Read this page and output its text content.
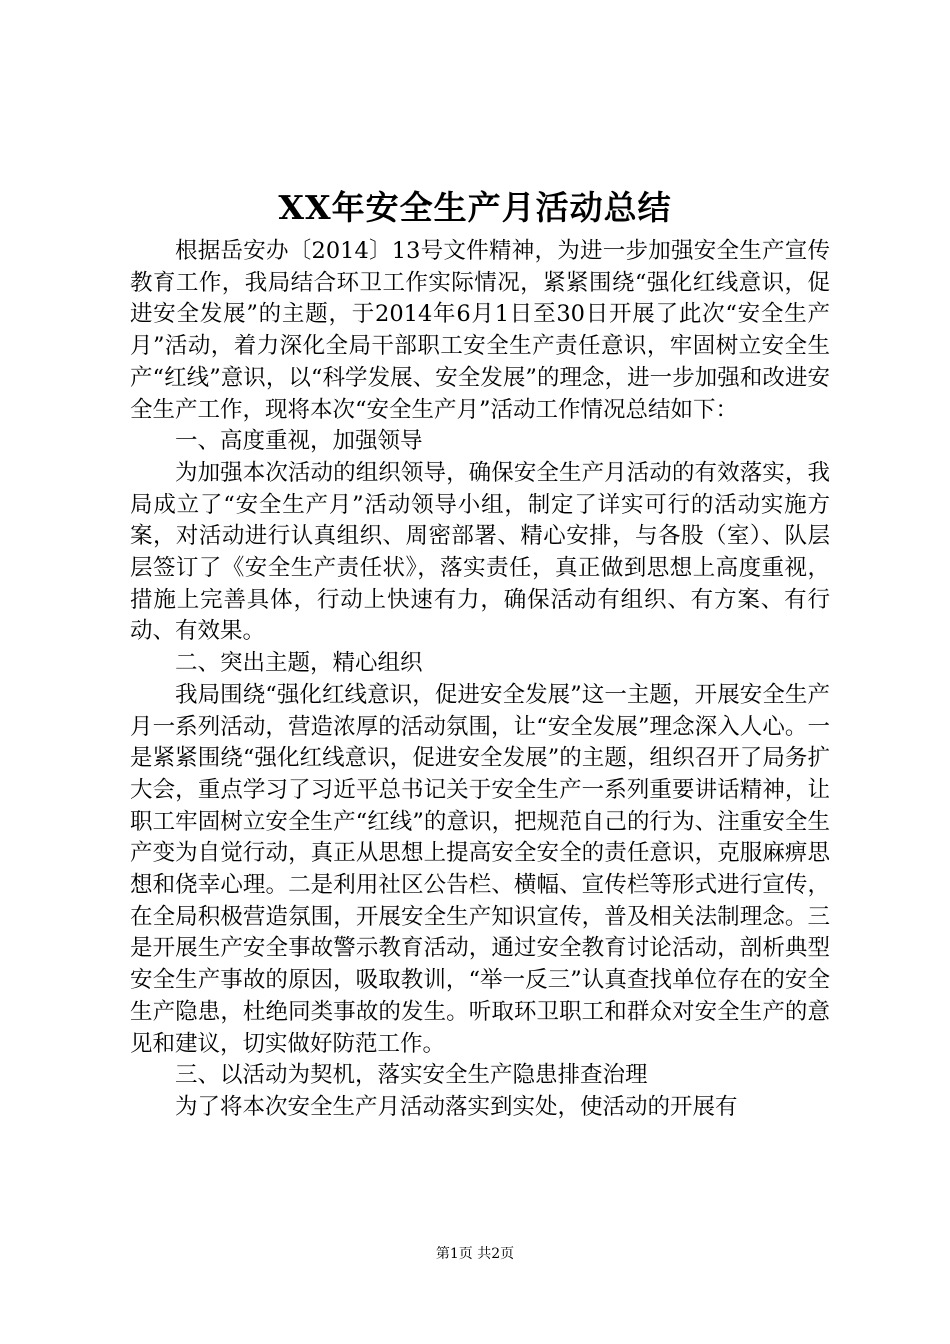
XX年安全生产月活动总结

根据岳安办〔2014〕13号文件精神，为进一步加强安全生产宣传教育工作，我局结合环卫工作实际情况，紧紧围绕“强化红线意识，促进安全发展”的主题，于2014年6月1日至30日开展了此次“安全生产月”活动，着力深化全局干部职工安全生产责任意识，牢固树立安全生产“红线”意识，以“科学发展、安全发展”的理念，进一步加强和改进安全生产工作，现将本次“安全生产月”活动工作情况总结如下：

一、高度重视，加强领导

为加强本次活动的组织领导，确保安全生产月活动的有效落实，我局成立了“安全生产月”活动领导小组，制定了详实可行的活动实施方案，对活动进行认真组织、周密部署、精心安排，与各股（室）、队层层签订了《安全生产责任状》，落实责任，真正做到思想上高度重视，措施上完善具体，行动上快速有力，确保活动有组织、有方案、有行动、有效果。

二、突出主题，精心组织

我局围绕“强化红线意识，促进安全发展”这一主题，开展安全生产月一系列活动，营造浓厚的活动氛围，让“安全发展”理念深入人心。一是紧紧围绕“强化红线意识，促进安全发展”的主题，组织召开了局务扩大会，重点学习了习近平总书记关于安全生产一系列重要讲话精神，让职工牢固树立安全生产“红线”的意识，把规范自己的行为、注重安全生产变为自觉行动，真正从思想上提高安全安全的责任意识，克服麻痹思想和侥幸心理。二是利用社区公告栏、横幅、宣传栏等形式进行宣传，在全局积极营造氛围，开展安全生产知识宣传，普及相关法制理念。三是开展生产安全事故警示教育活动，通过安全教育讨论活动，剖析典型安全生产事故的原因，吸取教训，“举一反三”认真查找单位存在的安全生产隐患，杜绝同类事故的发生。听取环卫职工和群众对安全生产的意见和建议，切实做好防范工作。

三、以活动为契机，落实安全生产隐患排查治理

为了将本次安全生产月活动落实到实处，使活动的开展有

第1页 共2页
